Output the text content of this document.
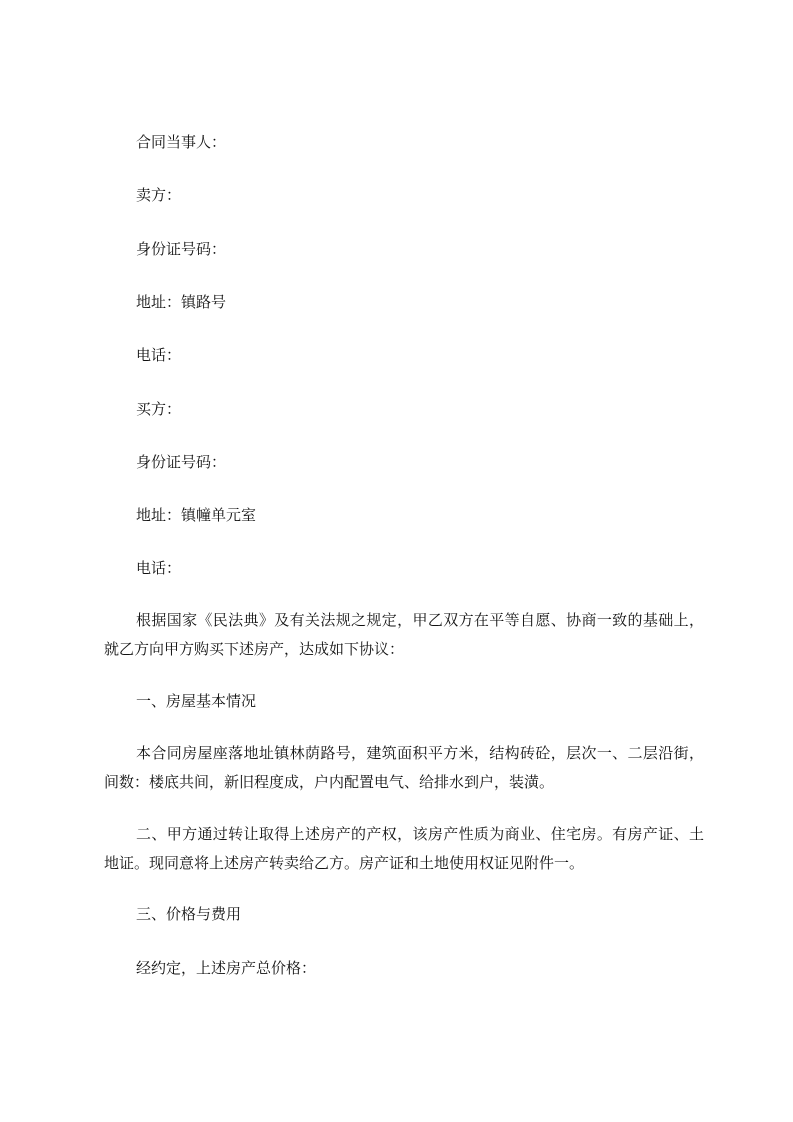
合同当事人：
卖方：
身份证号码：
地址：镇路号
电话：
买方：
身份证号码：
地址：镇幢单元室
电话：
根据国家《民法典》及有关法规之规定，甲乙双方在平等自愿、协商一致的基础上，就乙方向甲方购买下述房产，达成如下协议：
一、房屋基本情况
本合同房屋座落地址镇林荫路号，建筑面积平方米，结构砖砼，层次一、二层沿街，间数：楼底共间，新旧程度成，户内配置电气、给排水到户，装潢。
二、甲方通过转让取得上述房产的产权，该房产性质为商业、住宅房。有房产证、土地证。现同意将上述房产转卖给乙方。房产证和土地使用权证见附件一。
三、价格与费用
经约定，上述房产总价格：
